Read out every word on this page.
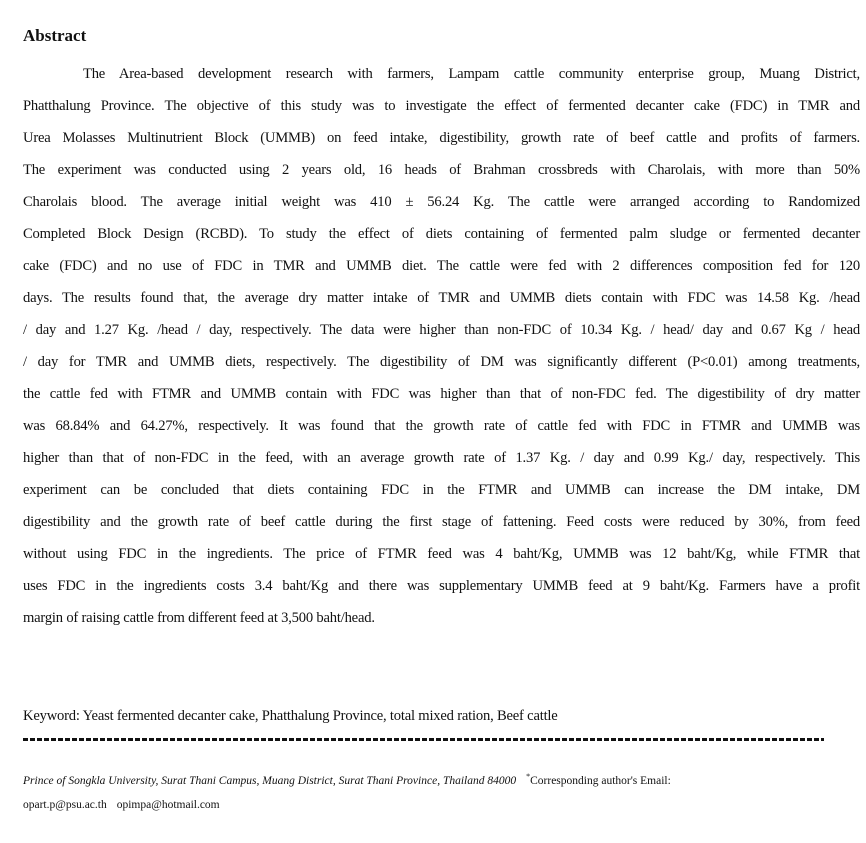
Abstract
The Area-based development research with farmers, Lampam cattle community enterprise group, Muang District,
Phatthalung Province. The objective of this study was to investigate the effect of fermented decanter cake (FDC) in TMR and
Urea Molasses Multinutrient Block (UMMB) on feed intake, digestibility, growth rate of beef cattle and profits of farmers.
The experiment was conducted using 2 years old, 16 heads of Brahman crossbreds with Charolais, with more than 50%
Charolais blood. The average initial weight was 410 ± 56.24 Kg. The cattle were arranged according to Randomized
Completed Block Design (RCBD). To study the effect of diets containing of fermented palm sludge or fermented decanter
cake (FDC) and no use of FDC in TMR and UMMB diet. The cattle were fed with 2 differences composition fed for 120
days. The results found that, the average dry matter intake of TMR and UMMB diets contain with FDC was 14.58 Kg. /head
/ day and 1.27 Kg. /head / day, respectively. The data were higher than non-FDC of 10.34 Kg. / head/ day and 0.67 Kg / head
/ day for TMR and UMMB diets, respectively. The digestibility of DM was significantly different (P<0.01) among treatments,
the cattle fed with FTMR and UMMB contain with FDC was higher than that of non-FDC fed. The digestibility of dry matter
was 68.84% and 64.27%, respectively. It was found that the growth rate of cattle fed with FDC in FTMR and UMMB was
higher than that of non-FDC in the feed, with an average growth rate of 1.37 Kg. / day and 0.99 Kg./ day, respectively. This
experiment can be concluded that diets containing FDC in the FTMR and UMMB can increase the DM intake, DM
digestibility and the growth rate of beef cattle during the first stage of fattening. Feed costs were reduced by 30%, from feed
without using FDC in the ingredients. The price of FTMR feed was 4 baht/Kg, UMMB was 12 baht/Kg, while FTMR that
uses FDC in the ingredients costs 3.4 baht/Kg and there was supplementary UMMB feed at 9 baht/Kg. Farmers have a profit
margin of raising cattle from different feed at 3,500 baht/head.
Keyword: Yeast fermented decanter cake, Phatthalung Province, total mixed ration, Beef cattle
Prince of Songkla University, Surat Thani Campus, Muang District, Surat Thani Province, Thailand 84000 *Corresponding author's Email:
opart.p@psu.ac.th opimpa@hotmail.com
